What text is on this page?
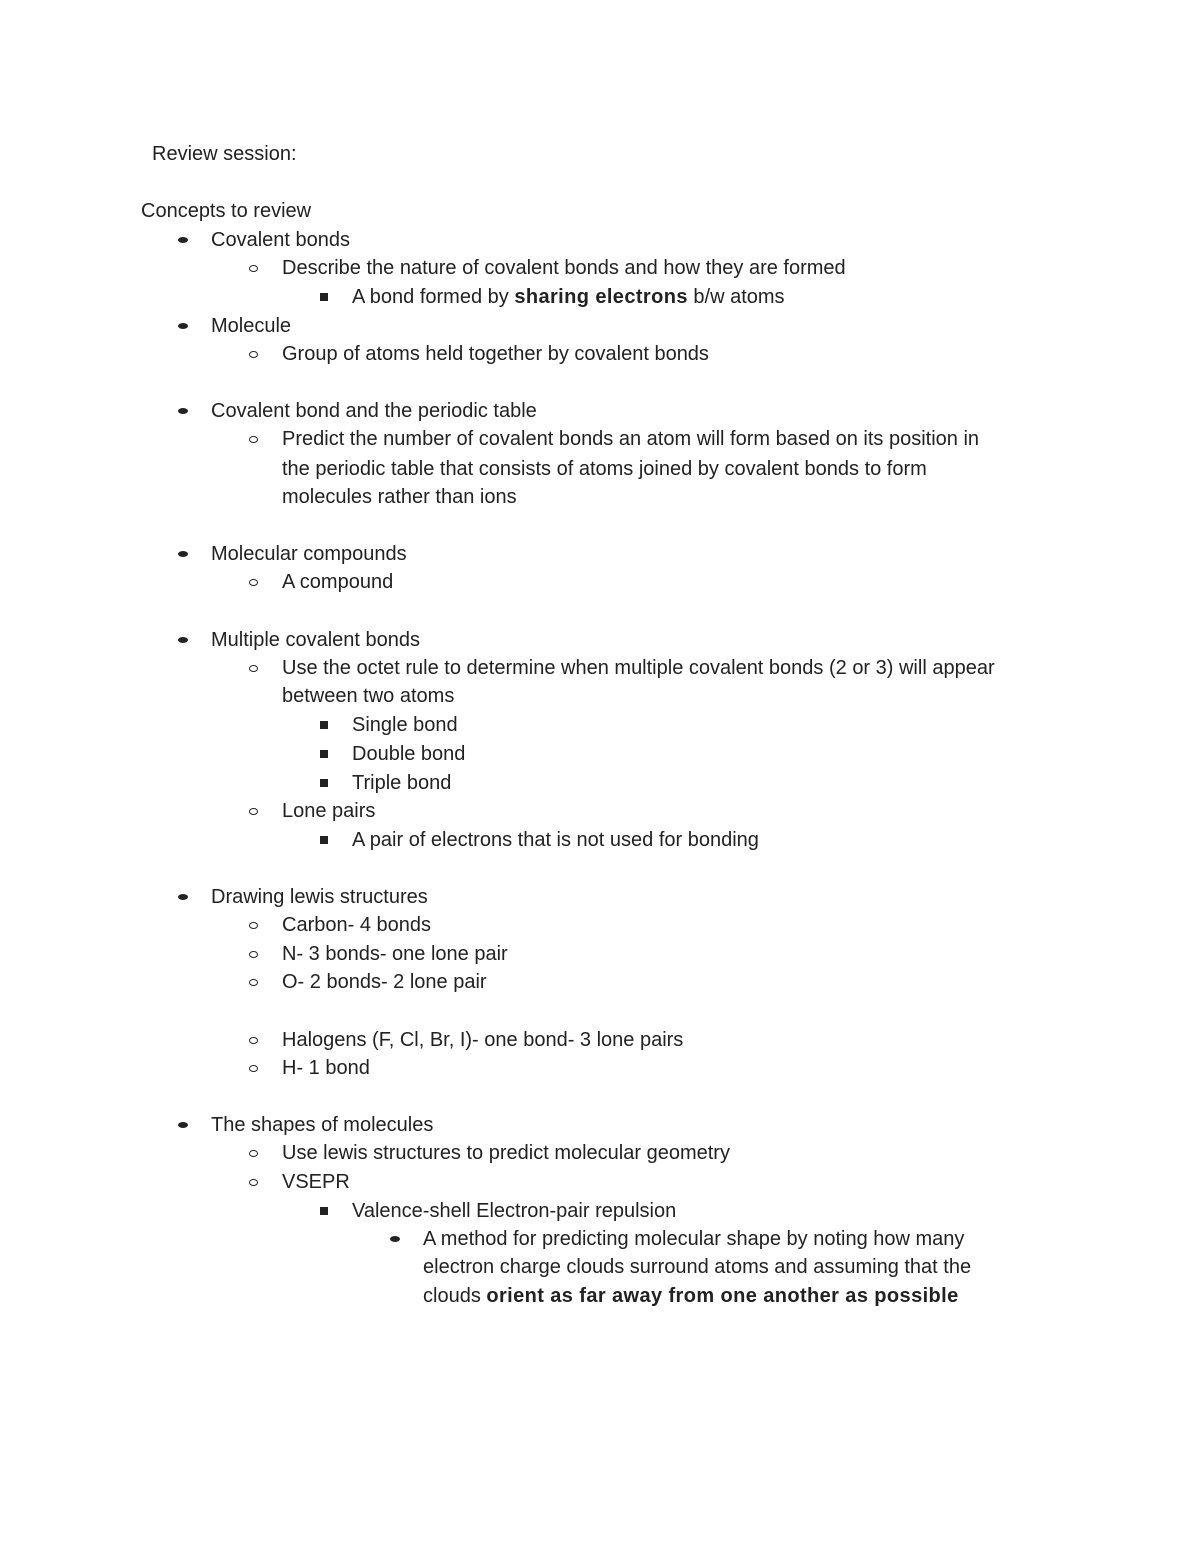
Review session:
Concepts to review
Covalent bonds
Describe the nature of covalent bonds and how they are formed
A bond formed by sharing electrons b/w atoms
Molecule
Group of atoms held together by covalent bonds
Covalent bond and the periodic table
Predict the number of covalent bonds an atom will form based on its position in
the periodic table that consists of atoms joined by covalent bonds to form
molecules rather than ions
Molecular compounds
A compound
Multiple covalent bonds
Use the octet rule to determine when multiple covalent bonds (2 or 3) will appear
between two atoms
Single bond
Double bond
Triple bond
Lone pairs
A pair of electrons that is not used for bonding
Drawing lewis structures
Carbon- 4 bonds
N- 3 bonds- one lone pair
O- 2 bonds- 2 lone pair
Halogens (F, Cl, Br, I)- one bond- 3 lone pairs
H- 1 bond
The shapes of molecules
Use lewis structures to predict molecular geometry
VSEPR
Valence-shell Electron-pair repulsion
A method for predicting molecular shape by noting how many
electron charge clouds surround atoms and assuming that the
clouds orient as far away from one another as possible
